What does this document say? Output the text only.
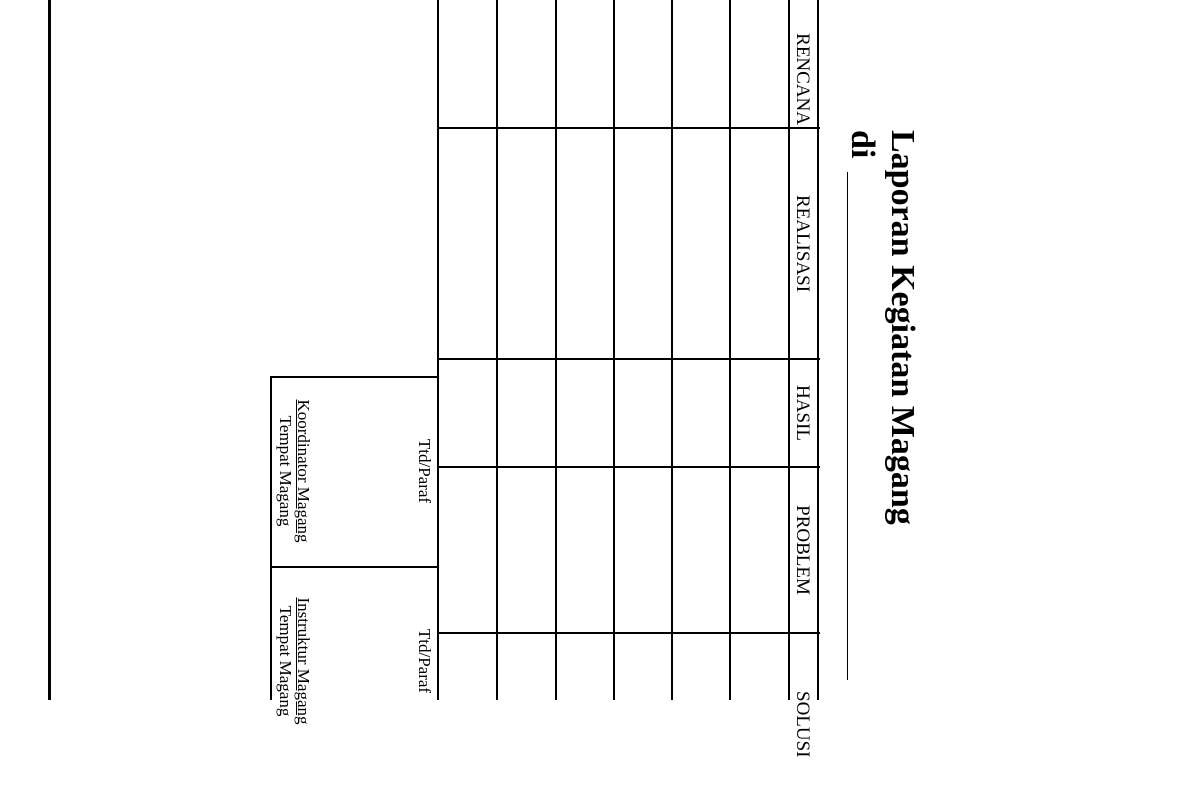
Laporan Kegiatan Magang
di
RENCANA
REALISASI
HASIL
PROBLEM
SOLUSI
Ttd/Paraf
Koordinator Magang
Tempat Magang
Ttd/Paraf
Instruktur Magang
Tempat Magang
